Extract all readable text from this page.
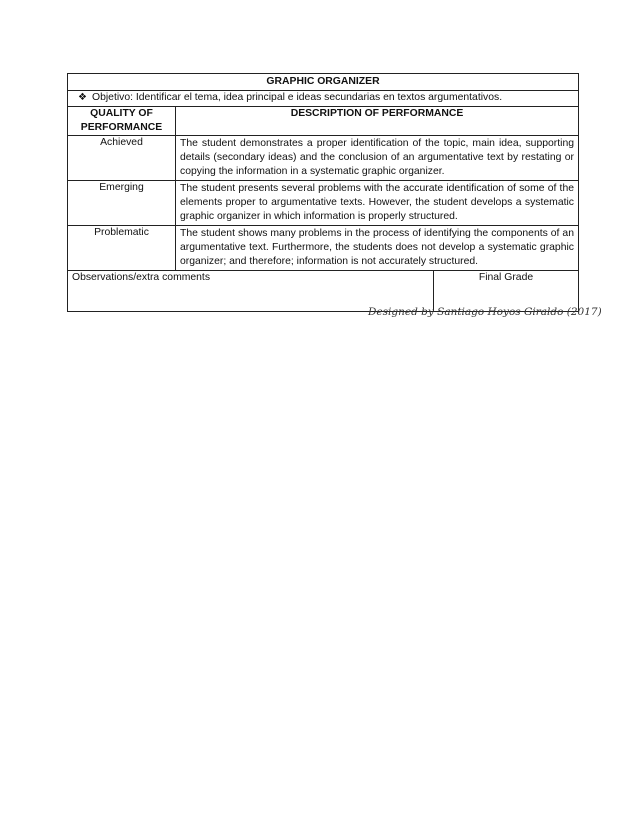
GRAPHIC ORGANIZER		
❖ Objetivo: Identificar el tema, idea principal e ideas secundarias en textos argumentativos.		
QUALITY OF PERFORMANCE	DESCRIPTION OF PERFORMANCE	
Achieved	The student demonstrates a proper identification of the topic, main idea, supporting details (secondary ideas) and the conclusion of an argumentative text by restating or copying the information in a systematic graphic organizer.	
Emerging	The student presents several problems with the accurate identification of some of the elements proper to argumentative texts. However, the student develops a systematic graphic organizer in which information is properly structured.	
Problematic	The student shows many problems in the process of identifying the components of an argumentative text. Furthermore, the students does not develop a systematic graphic organizer; and therefore; information is not accurately structured.	
Observations/extra comments		Final Grade
Designed by Santiago Hoyos Giraldo (2017)
